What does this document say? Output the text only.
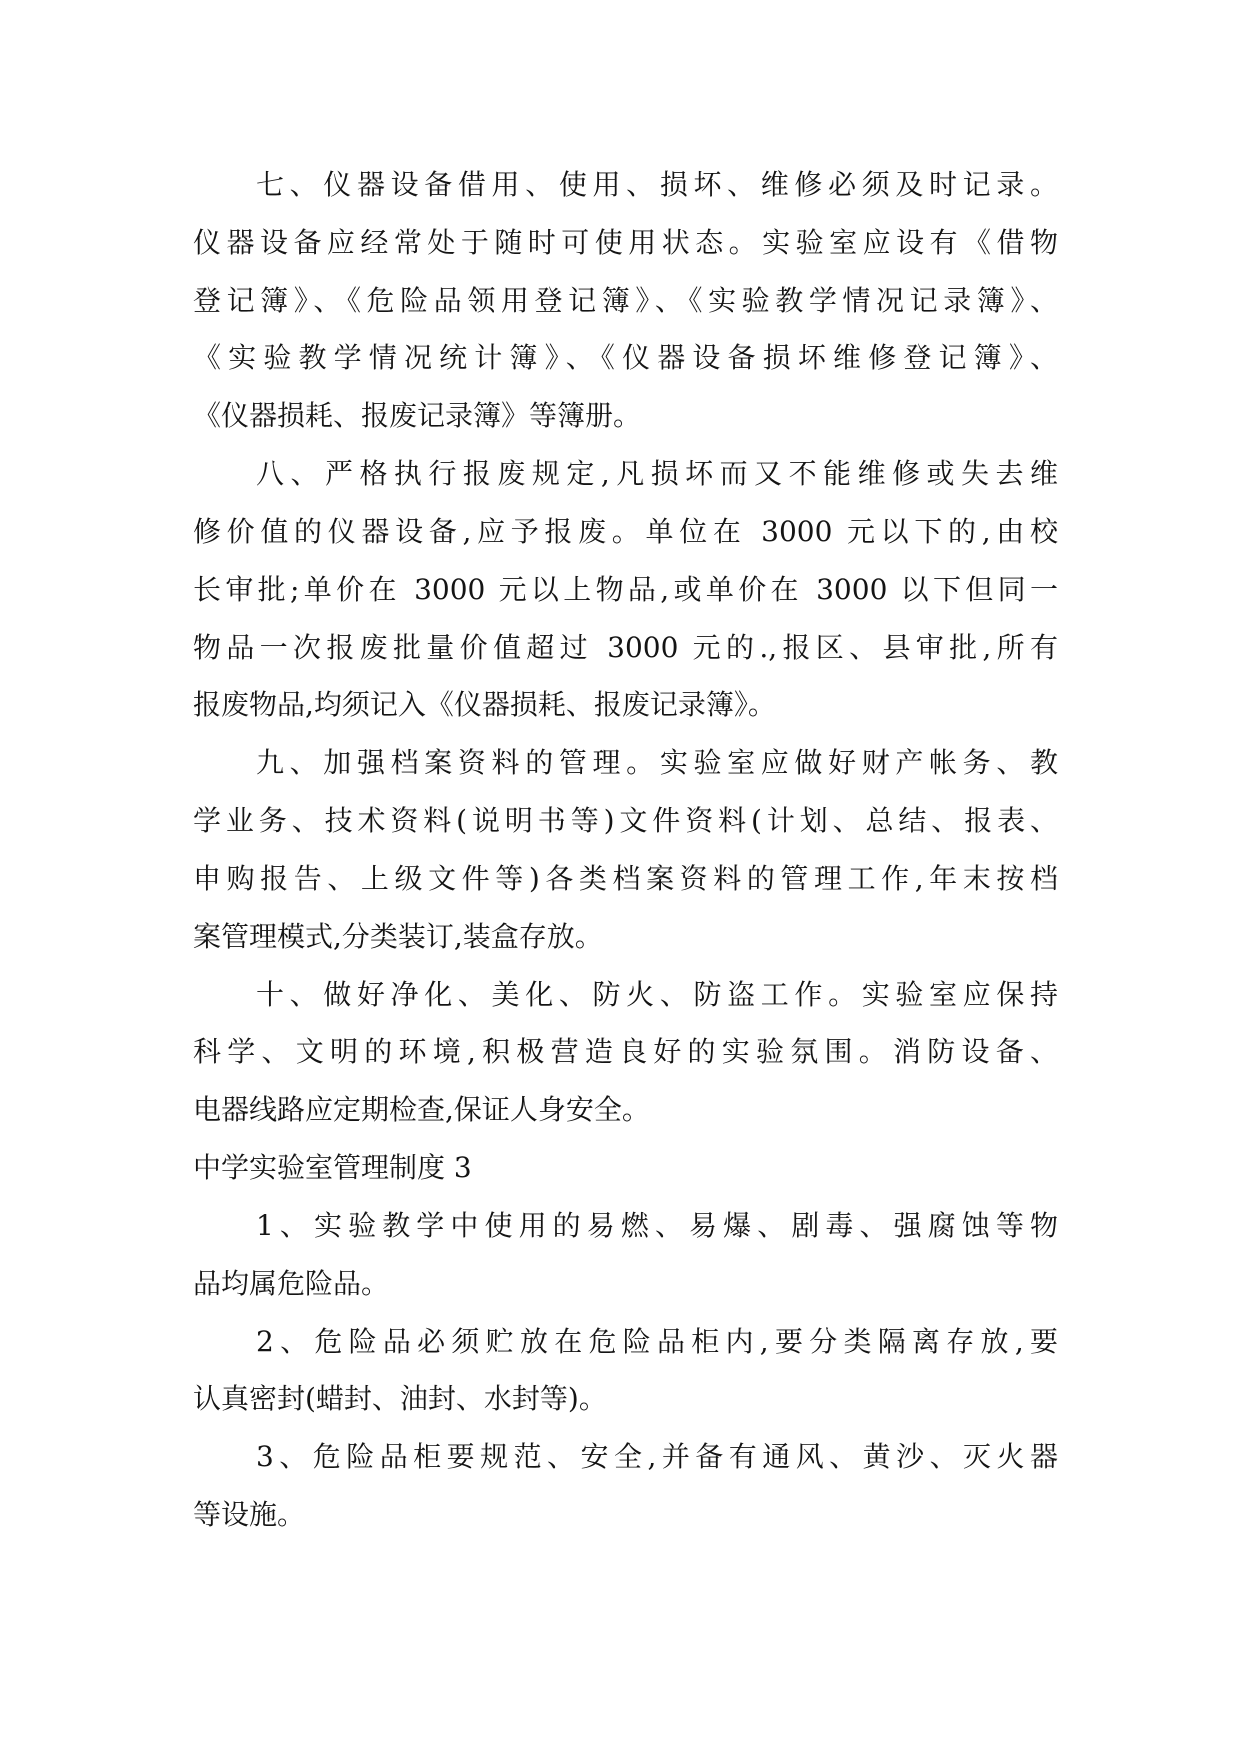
七、仪器设备借用、使用、损坏、维修必须及时记录。
仪器设备应经常处于随时可使用状态。实验室应设有《借物
登记簿》、《危险品领用登记簿》、《实验教学情况记录簿》、
《实验教学情况统计簿》、《仪器设备损坏维修登记簿》、
《仪器损耗、报废记录簿》等簿册。
八、严格执行报废规定,凡损坏而又不能维修或失去维
修价值的仪器设备,应予报废。单位在 3000 元以下的,由校
长审批;单价在 3000 元以上物品,或单价在 3000 以下但同一
物品一次报废批量价值超过 3000 元的.,报区、县审批,所有
报废物品,均须记入《仪器损耗、报废记录簿》。
九、加强档案资料的管理。实验室应做好财产帐务、教
学业务、技术资料(说明书等)文件资料(计划、总结、报表、
申购报告、上级文件等)各类档案资料的管理工作,年末按档
案管理模式,分类装订,装盒存放。
十、做好净化、美化、防火、防盗工作。实验室应保持
科学、文明的环境,积极营造良好的实验氛围。消防设备、
电器线路应定期检查,保证人身安全。
中学实验室管理制度 3
1、实验教学中使用的易燃、易爆、剧毒、强腐蚀等物
品均属危险品。
2、危险品必须贮放在危险品柜内,要分类隔离存放,要
认真密封(蜡封、油封、水封等)。
3、危险品柜要规范、安全,并备有通风、黄沙、灭火器
等设施。
